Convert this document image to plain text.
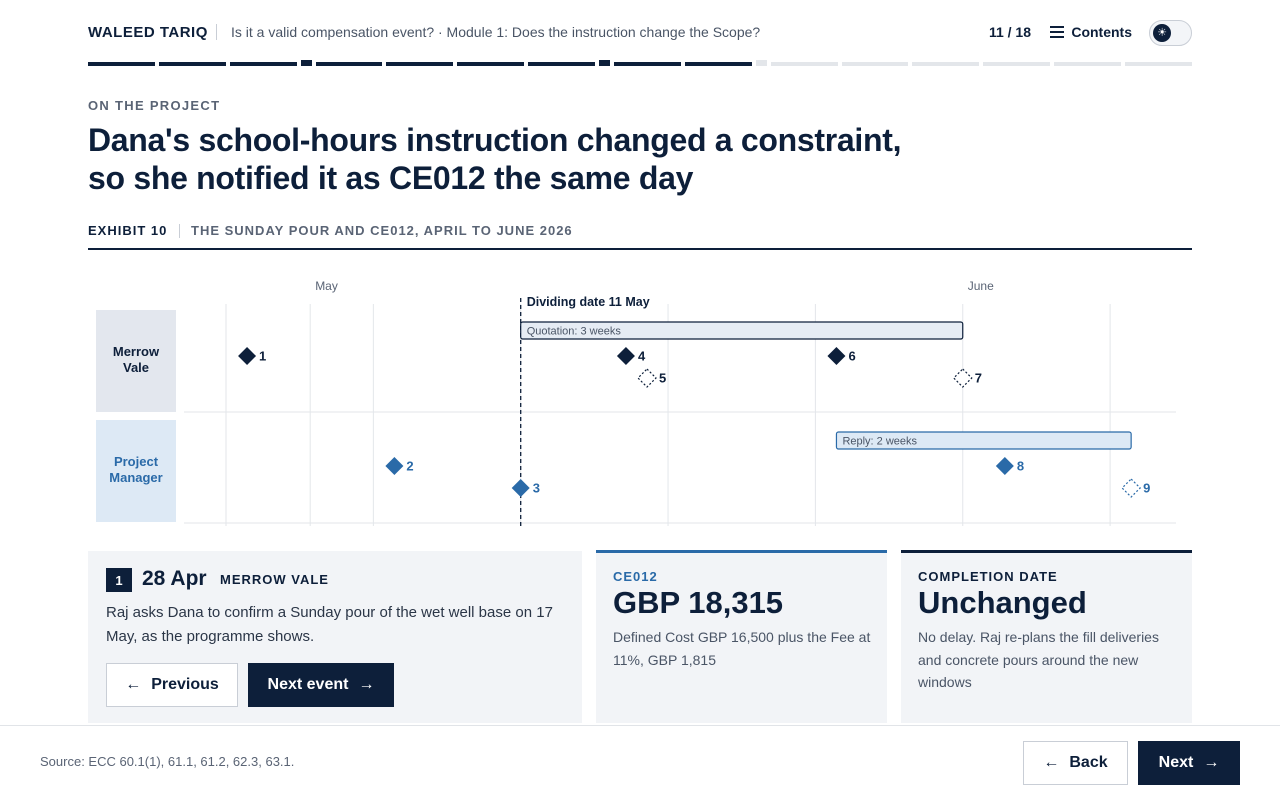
WALEED TARIQ Is it a valid compensation event? · Module 1: Does the instruction change the Scope?	11 / 18	Contents	☀
ON THE PROJECT
Dana's school-hours instruction changed a constraint, so she notified it as CE012 the same day
EXHIBIT 10 THE SUNDAY POUR AND CE012, APRIL TO JUNE 2026
May	June
Merrow
Vale
Project
Manager
Dividing date 11 May
Quotation: 3 weeks
Reply: 2 weeks
1
2
3
4
5
6
7
8
9
1 28 Apr MERROW VALE

Raj asks Dana to confirm a Sunday pour of the wet well base on 17 May, as the programme shows.

← Previous	Next event →
CE012
GBP 18,315
Defined Cost GBP 16,500 plus the Fee at 11%, GBP 1,815
COMPLETION DATE
Unchanged
No delay. Raj re-plans the fill deliveries and concrete pours around the new windows
Source: ECC 60.1(1), 61.1, 61.2, 62.3, 63.1.	← Back	Next →
